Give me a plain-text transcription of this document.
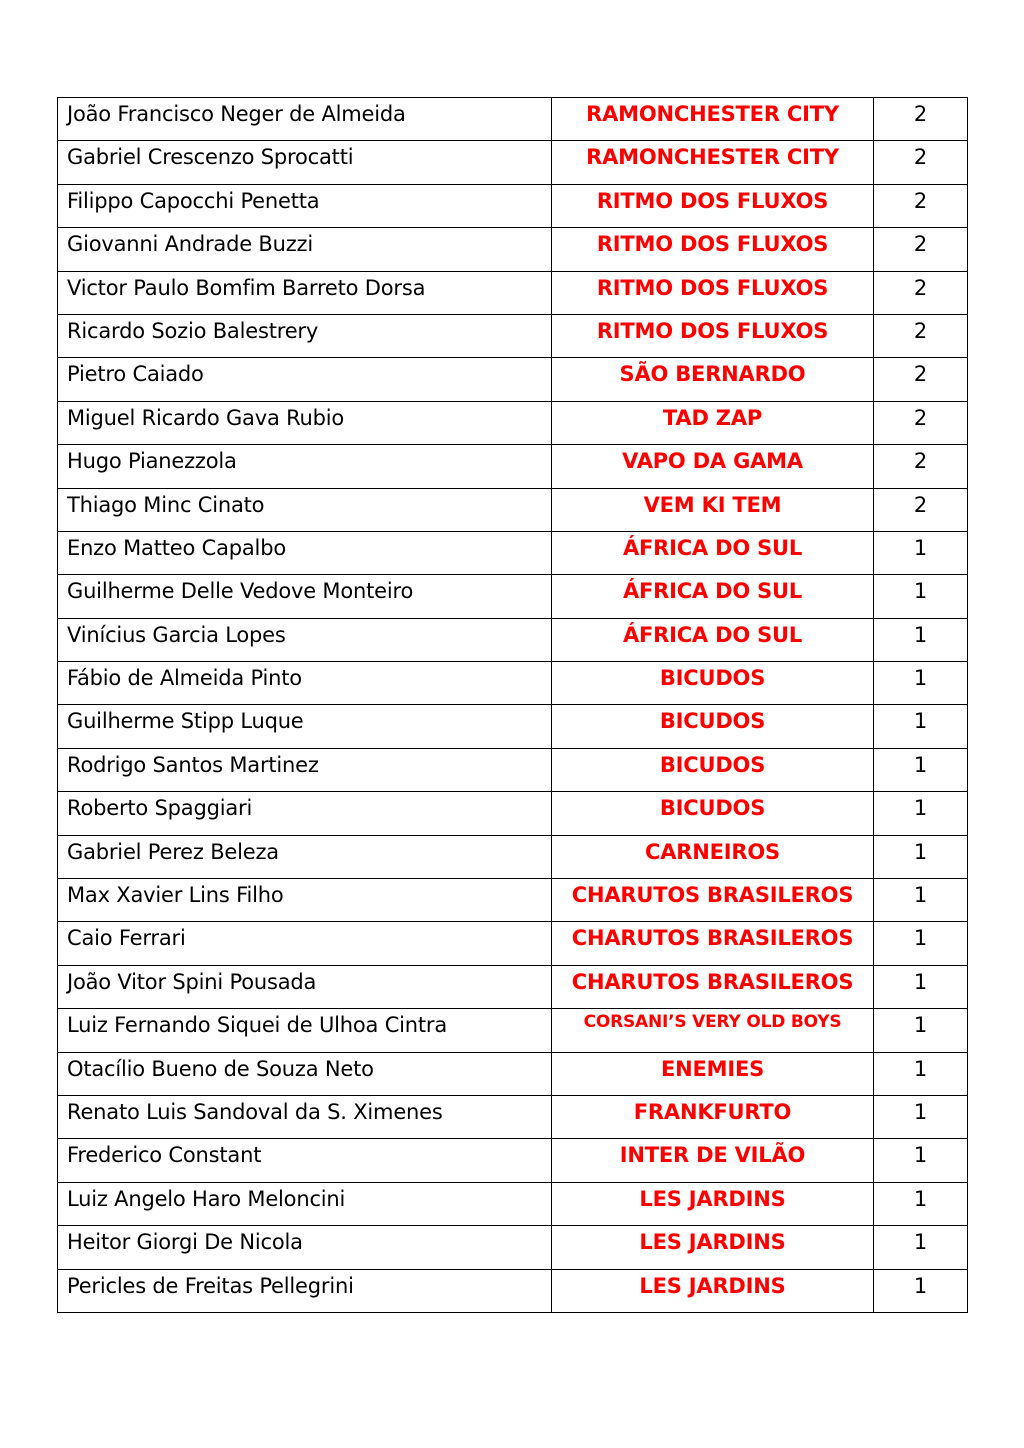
João Francisco Neger de Almeida	RAMONCHESTER CITY	2
Gabriel Crescenzo Sprocatti	RAMONCHESTER CITY	2
Filippo Capocchi Penetta	RITMO DOS FLUXOS	2
Giovanni Andrade Buzzi	RITMO DOS FLUXOS	2
Victor Paulo Bomfim Barreto Dorsa	RITMO DOS FLUXOS	2
Ricardo Sozio Balestrery	RITMO DOS FLUXOS	2
Pietro Caiado	SÃO BERNARDO	2
Miguel Ricardo Gava Rubio	TAD ZAP	2
Hugo Pianezzola	VAPO DA GAMA	2
Thiago Minc Cinato	VEM KI TEM	2
Enzo Matteo Capalbo	ÁFRICA DO SUL	1
Guilherme Delle Vedove Monteiro	ÁFRICA DO SUL	1
Vinícius Garcia Lopes	ÁFRICA DO SUL	1
Fábio de Almeida Pinto	BICUDOS	1
Guilherme Stipp Luque	BICUDOS	1
Rodrigo Santos Martinez	BICUDOS	1
Roberto Spaggiari	BICUDOS	1
Gabriel Perez Beleza	CARNEIROS	1
Max Xavier Lins Filho	CHARUTOS BRASILEROS	1
Caio Ferrari	CHARUTOS BRASILEROS	1
João Vitor Spini Pousada	CHARUTOS BRASILEROS	1
Luiz Fernando Siquei de Ulhoa Cintra	CORSANI’S VERY OLD BOYS	1
Otacílio Bueno de Souza Neto	ENEMIES	1
Renato Luis Sandoval da S. Ximenes	FRANKFURTO	1
Frederico Constant	INTER DE VILÃO	1
Luiz Angelo Haro Meloncini	LES JARDINS	1
Heitor Giorgi De Nicola	LES JARDINS	1
Pericles de Freitas Pellegrini	LES JARDINS	1
